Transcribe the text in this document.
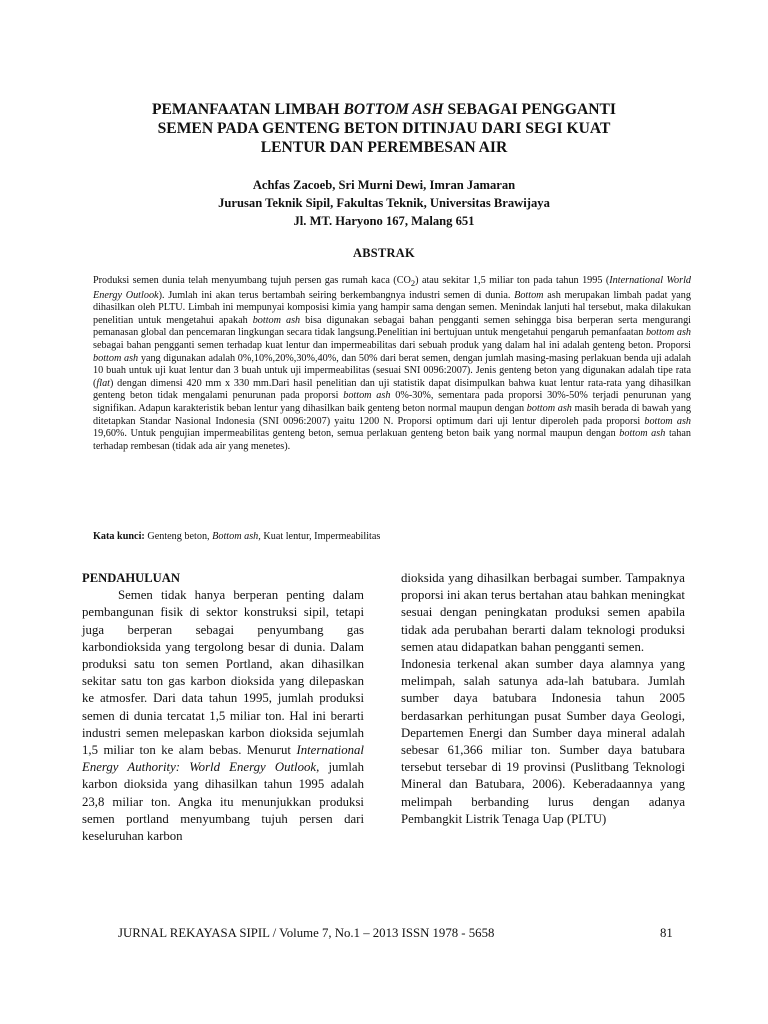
PEMANFAATAN LIMBAH BOTTOM ASH SEBAGAI PENGGANTI
SEMEN PADA GENTENG BETON DITINJAU DARI SEGI KUAT
LENTUR DAN PEREMBESAN AIR
Achfas Zacoeb, Sri Murni Dewi, Imran Jamaran
Jurusan Teknik Sipil, Fakultas Teknik, Universitas Brawijaya
Jl. MT. Haryono 167, Malang 651
ABSTRAK
Produksi semen dunia telah menyumbang tujuh persen gas rumah kaca $(CO_2)$ atau sekitar 1,5 miliar ton pada tahun 1995 (International World Energy Outlook). Jumlah ini akan terus bertambah seiring berkembangnya industri semen di dunia. Bottom ash merupakan limbah padat yang dihasilkan oleh PLTU. Limbah ini mempunyai komposisi kimia yang hampir sama dengan semen. Menindak lanjuti hal tersebut, maka dilakukan penelitian untuk mengetahui apakah bottom ash bisa digunakan sebagai bahan pengganti semen sehingga bisa berperan serta mengurangi pemanasan global dan pencemaran lingkungan secara tidak langsung.Penelitian ini bertujuan untuk mengetahui pengaruh pemanfaatan bottom ash sebagai bahan pengganti semen terhadap kuat lentur dan impermeabilitas dari sebuah produk yang dalam hal ini adalah genteng beton. Proporsi bottom ash yang digunakan adalah 0%,10%,20%,30%,40%, dan 50% dari berat semen, dengan jumlah masing-masing perlakuan benda uji adalah 10 buah untuk uji kuat lentur dan 3 buah untuk uji impermeabilitas (sesuai SNI 0096:2007). Jenis genteng beton yang digunakan adalah tipe rata (flat) dengan dimensi 420 mm x 330 mm.Dari hasil penelitian dan uji statistik dapat disimpulkan bahwa kuat lentur rata-rata yang dihasilkan genteng beton tidak mengalami penurunan pada proporsi bottom ash 0%-30%, sementara pada proporsi 30%-50% terjadi penurunan yang signifikan. Adapun karakteristik beban lentur yang dihasilkan baik genteng beton normal maupun dengan bottom ash masih berada di bawah yang ditetapkan Standar Nasional Indonesia (SNI 0096:2007) yaitu 1200 N. Proporsi optimum dari uji lentur diperoleh pada proporsi bottom ash 19,60%. Untuk pengujian impermeabilitas genteng beton, semua perlakuan genteng beton baik yang normal maupun dengan bottom ash tahan terhadap rembesan (tidak ada air yang menetes).
Kata kunci: Genteng beton, Bottom ash, Kuat lentur, Impermeabilitas

PENDAHULUAN

Semen tidak hanya berperan penting dalam pembangunan fisik di sektor konstruksi sipil, tetapi juga berperan sebagai penyumbang gas karbondioksida yang tergolong besar di dunia. Dalam produksi satu ton semen Portland, akan dihasilkan sekitar satu ton gas karbon dioksida yang dilepaskan ke atmosfer. Dari data tahun 1995, jumlah produksi semen di dunia tercatat 1,5 miliar ton. Hal ini berarti industri semen melepaskan karbon dioksida sejumlah 1,5 miliar ton ke alam bebas. Menurut International Energy Authority: World Energy Outlook, jumlah karbon dioksida yang dihasilkan tahun 1995 adalah 23,8 miliar ton. Angka itu menunjukkan produksi semen portland menyumbang tujuh persen dari keseluruhan karbon

dioksida yang dihasilkan berbagai sumber. Tampaknya proporsi ini akan terus bertahan atau bahkan meningkat sesuai dengan peningkatan produksi semen apabila tidak ada perubahan berarti dalam teknologi produksi semen atau didapatkan bahan pengganti semen.

Indonesia terkenal akan sumber daya alamnya yang melimpah, salah satunya ada-lah batubara. Jumlah sumber daya batubara Indonesia tahun 2005 berdasarkan perhitungan pusat Sumber daya Geologi, Departemen Energi dan Sumber daya mineral adalah sebesar 61,366 miliar ton. Sumber daya batubara tersebut tersebar di 19 provinsi (Puslitbang Teknologi Mineral dan Batubara, 2006). Keberadaannya yang melimpah berbanding lurus dengan adanya Pembangkit Listrik Tenaga Uap (PLTU)

JURNAL REKAYASA SIPIL / Volume 7, No.1 – 2013 ISSN 1978 - 5658	81
